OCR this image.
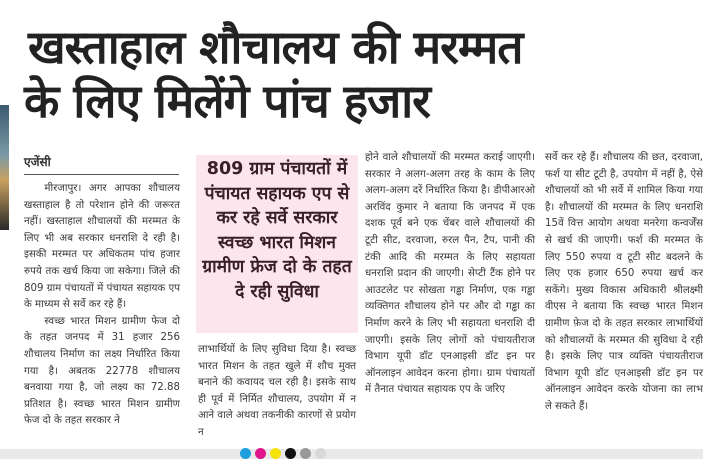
खस्ताहाल शौचालय की मरम्मत
के लिए मिलेंगे पांच हजार
एजेंसी

मीरजापुर। अगर आपका शौचालय खस्ताहाल है तो परेशान होने की जरूरत नहीं। खस्ताहाल शौचालयों की मरम्मत के लिए भी अब सरकार धनराशि दे रही है। इसकी मरम्मत पर अधिकतम पांच हजार रुपये तक खर्च किया जा सकेगा। जिले की 809 ग्राम पंचायतों में पंचायत सहायक एप के माध्यम से सर्वे कर रहे हैं।

स्वच्छ भारत मिशन ग्रामीण फेज दो के तहत जनपद में 31 हजार 256 शौचालय निर्माण का लक्ष्य निर्धारित किया गया है। अबतक 22778 शौचालय बनवाया गया है, जो लक्ष्य का 72.88 प्रतिशत है। स्वच्छ भारत मिशन ग्रामीण फेज दो के तहत सरकार ने

809 ग्राम पंचायतों में पंचायत सहायक एप से कर रहे सर्वे सरकार स्वच्छ भारत मिशन ग्रामीण फ्रेज दो के तहत दे रही सुविधा
लाभार्थियों के लिए सुविधा दिया है। स्वच्छ भारत मिशन के तहत खुले में शौच मुक्त बनाने की कवायद चल रही है। इसके साथ ही पूर्व में निर्मित शौचालय, उपयोग में न आने वाले अथवा तकनीकी कारणों से प्रयोग न
होने वाले शौचालयों की मरम्मत कराई जाएगी। सरकार ने अलग-अलग तरह के काम के लिए अलग-अलग दरें निर्धारित किया है। डीपीआरओ अरविंद कुमार ने बताया कि जनपद में एक दशक पूर्व बने एक चेंबर वाले शौचालयों की टूटी सीट, दरवाजा, रुरल पैन, टैप, पानी की टंकी आदि की मरम्मत के लिए सहायता धनराशि प्रदान की जाएगी। सेप्टी टैंक होने पर आउटलेट पर सोखता गड्ढा निर्माण, एक गड्ढा व्यक्तिगत शौचालय होने पर और दो गड्ढा का निर्माण करने के लिए भी सहायता धनराशि दी जाएगी। इसके लिए लोगों को पंचायतीराज विभाग यूपी डॉट एनआइसी डॉट इन पर ऑनलाइन आवेदन करना होगा। ग्राम पंचायतों में तैनात पंचायत सहायक एप के जरिए
सर्वे कर रहे हैं। शौचालय की छत, दरवाजा, फर्श या सीट टूटी है, उपयोग में नहीं है, ऐसे शौचालयों को भी सर्वे में शामिल किया गया है। शौचालयों की मरम्मत के लिए धनराशि 15वें वित्त आयोग अथवा मनरेगा कन्वर्जेंस से खर्च की जाएगी। फर्श की मरम्मत के लिए 550 रुपया व टूटी सीट बदलने के लिए एक हजार 650 रुपया खर्च कर सकेंगे। मुख्य विकास अधिकारी श्रीलक्ष्मी वीएस ने बताया कि स्वच्छ भारत मिशन ग्रामीण फ़ेज दो के तहत सरकार लाभार्थियों को शौचालयों के मरम्मत की सुविधा दे रही है। इसके लिए पात्र व्यक्ति पंचायतीराज विभाग यूपी डॉट एनआइसी डॉट इन पर ऑनलाइन आवेदन करके योजना का लाभ ले सकते हैं।
